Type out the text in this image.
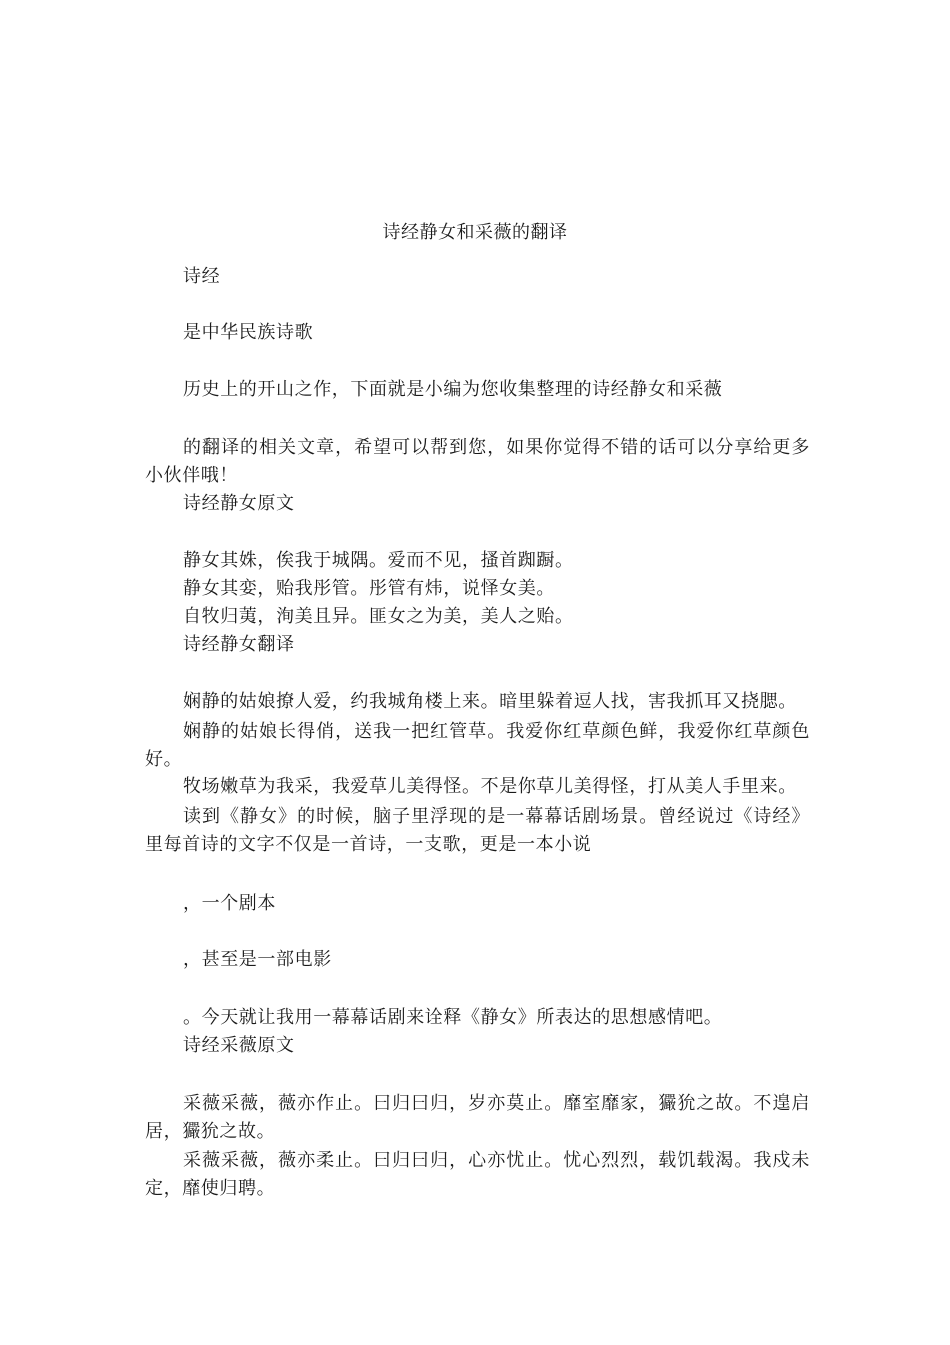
诗经静女和采薇的翻译

诗经

是中华民族诗歌

历史上的开山之作，下面就是小编为您收集整理的诗经静女和采薇

的翻译的相关文章，希望可以帮到您，如果你觉得不错的话可以分享给更多小伙伴哦！

诗经静女原文

静女其姝，俟我于城隅。爱而不见，搔首踟蹰。

静女其娈，贻我彤管。彤管有炜，说怿女美。

自牧归荑，洵美且异。匪女之为美，美人之贻。

诗经静女翻译

娴静的姑娘撩人爱，约我城角楼上来。暗里躲着逗人找，害我抓耳又挠腮。

娴静的姑娘长得俏，送我一把红管草。我爱你红草颜色鲜，我爱你红草颜色好。

牧场嫩草为我采，我爱草儿美得怪。不是你草儿美得怪，打从美人手里来。

读到《静女》的时候，脑子里浮现的是一幕幕话剧场景。曾经说过《诗经》里每首诗的文字不仅是一首诗，一支歌，更是一本小说

，一个剧本

，甚至是一部电影

。今天就让我用一幕幕话剧来诠释《静女》所表达的思想感情吧。

诗经采薇原文

采薇采薇，薇亦作止。曰归曰归，岁亦莫止。靡室靡家，玁狁之故。不遑启居，玁狁之故。

采薇采薇，薇亦柔止。曰归曰归，心亦忧止。忧心烈烈，载饥载渴。我戍未定，靡使归聘。
